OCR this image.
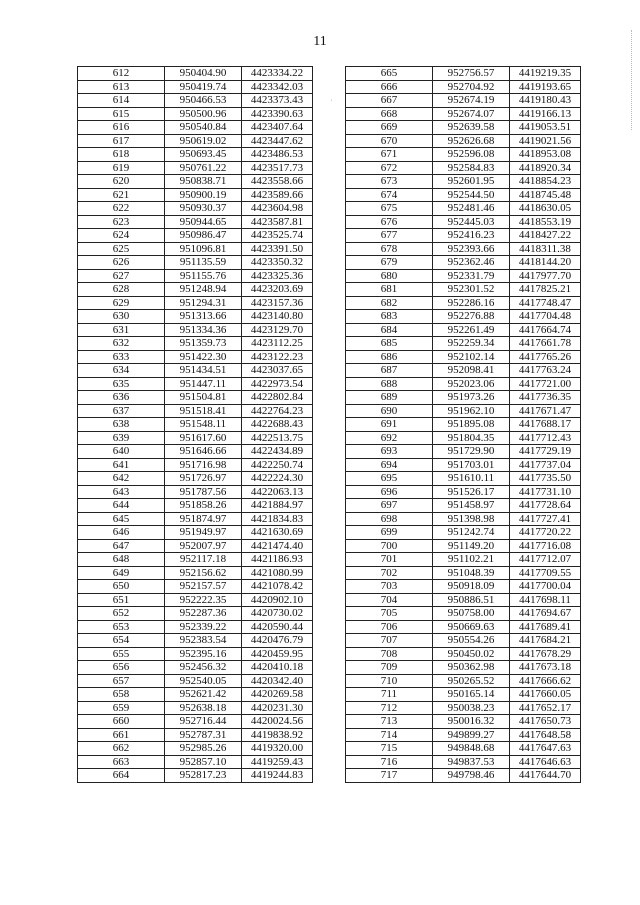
11
ˌ
612	950404.90	4423334.22
613	950419.74	4423342.03
614	950466.53	4423373.43
615	950500.96	4423390.63
616	950540.84	4423407.64
617	950619.02	4423447.62
618	950693.45	4423486.53
619	950761.22	4423517.73
620	950838.71	4423558.66
621	950900.19	4423589.66
622	950930.37	4423604.98
623	950944.65	4423587.81
624	950986.47	4423525.74
625	951096.81	4423391.50
626	951135.59	4423350.32
627	951155.76	4423325.36
628	951248.94	4423203.69
629	951294.31	4423157.36
630	951313.66	4423140.80
631	951334.36	4423129.70
632	951359.73	4423112.25
633	951422.30	4423122.23
634	951434.51	4423037.65
635	951447.11	4422973.54
636	951504.81	4422802.84
637	951518.41	4422764.23
638	951548.11	4422688.43
639	951617.60	4422513.75
640	951646.66	4422434.89
641	951716.98	4422250.74
642	951726.97	4422224.30
643	951787.56	4422063.13
644	951858.26	4421884.97
645	951874.97	4421834.83
646	951949.97	4421630.69
647	952007.97	4421474.40
648	952117.18	4421186.93
649	952156.62	4421080.99
650	952157.57	4421078.42
651	952222.35	4420902.10
652	952287.36	4420730.02
653	952339.22	4420590.44
654	952383.54	4420476.79
655	952395.16	4420459.95
656	952456.32	4420410.18
657	952540.05	4420342.40
658	952621.42	4420269.58
659	952638.18	4420231.30
660	952716.44	4420024.56
661	952787.31	4419838.92
662	952985.26	4419320.00
663	952857.10	4419259.43
664	952817.23	4419244.83
665	952756.57	4419219.35
666	952704.92	4419193.65
667	952674.19	4419180.43
668	952674.07	4419166.13
669	952639.58	4419053.51
670	952626.68	4419021.56
671	952596.08	4418953.08
672	952584.83	4418920.34
673	952601.95	4418854.23
674	952544.50	4418745.48
675	952481.46	4418630.05
676	952445.03	4418553.19
677	952416.23	4418427.22
678	952393.66	4418311.38
679	952362.46	4418144.20
680	952331.79	4417977.70
681	952301.52	4417825.21
682	952286.16	4417748.47
683	952276.88	4417704.48
684	952261.49	4417664.74
685	952259.34	4417661.78
686	952102.14	4417765.26
687	952098.41	4417763.24
688	952023.06	4417721.00
689	951973.26	4417736.35
690	951962.10	4417671.47
691	951895.08	4417688.17
692	951804.35	4417712.43
693	951729.90	4417729.19
694	951703.01	4417737.04
695	951610.11	4417735.50
696	951526.17	4417731.10
697	951458.97	4417728.64
698	951398.98	4417727.41
699	951242.74	4417720.22
700	951149.20	4417716.08
701	951102.21	4417712.07
702	951048.39	4417709.55
703	950918.09	4417700.04
704	950886.51	4417698.11
705	950758.00	4417694.67
706	950669.63	4417689.41
707	950554.26	4417684.21
708	950450.02	4417678.29
709	950362.98	4417673.18
710	950265.52	4417666.62
711	950165.14	4417660.05
712	950038.23	4417652.17
713	950016.32	4417650.73
714	949899.27	4417648.58
715	949848.68	4417647.63
716	949837.53	4417646.63
717	949798.46	4417644.70
